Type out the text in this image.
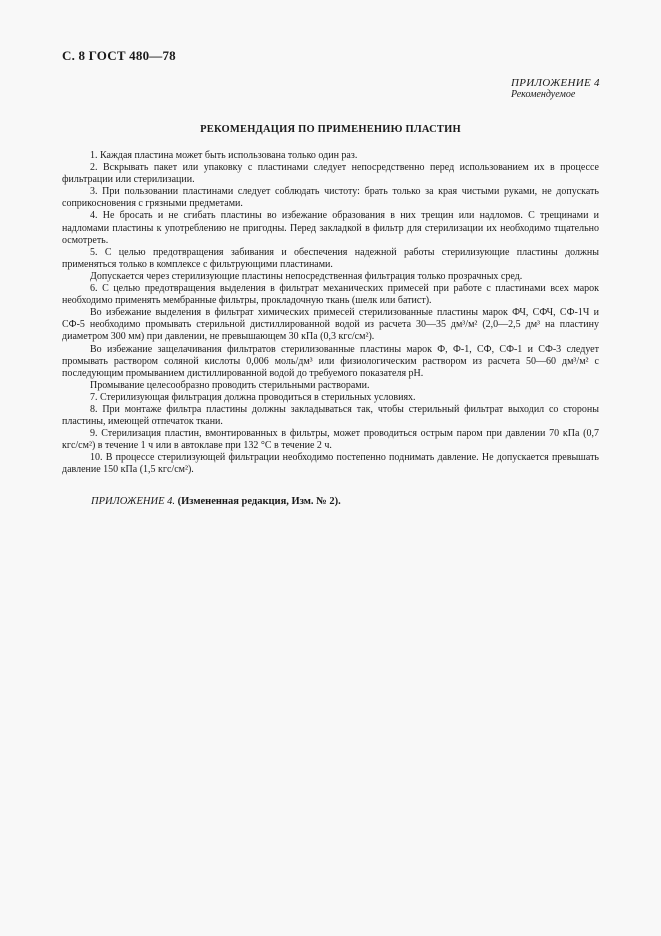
С. 8 ГОСТ 480—78
ПРИЛОЖЕНИЕ 4
Рекомендуемое
РЕКОМЕНДАЦИЯ ПО ПРИМЕНЕНИЮ ПЛАСТИН

1. Каждая пластина может быть использована только один раз.

2. Вскрывать пакет или упаковку с пластинами следует непосредственно перед использованием их в процессе фильтрации или стерилизации.

3. При пользовании пластинами следует соблюдать чистоту: брать только за края чистыми руками, не допускать соприкосновения с грязными предметами.

4. Не бросать и не сгибать пластины во избежание образования в них трещин или надломов. С трещинами и надломами пластины к употреблению не пригодны. Перед закладкой в фильтр для стерилизации их необходимо тщательно осмотреть.

5. С целью предотвращения забивания и обеспечения надежной работы стерилизующие пластины должны применяться только в комплексе с фильтрующими пластинами.

Допускается через стерилизующие пластины непосредственная фильтрация только прозрачных сред.

6. С целью предотвращения выделения в фильтрат механических примесей при работе с пластинами всех марок необходимо применять мембранные фильтры, прокладочную ткань (шелк или батист).

Во избежание выделения в фильтрат химических примесей стерилизованные пластины марок ФЧ, СФЧ, СФ-1Ч и СФ-5 необходимо промывать стерильной дистиллированной водой из расчета 30—35 дм³/м² (2,0—2,5 дм³ на пластину диаметром 300 мм) при давлении, не превышающем 30 кПа (0,3 кгс/см²).

Во избежание защелачивания фильтратов стерилизованные пластины марок Ф, Ф-1, СФ, СФ-1 и СФ-3 следует промывать раствором соляной кислоты 0,006 моль/дм³ или физиологическим раствором из расчета 50—60 дм³/м² с последующим промыванием дистиллированной водой до требуемого показателя pH.

Промывание целесообразно проводить стерильными растворами.

7. Стерилизующая фильтрация должна проводиться в стерильных условиях.

8. При монтаже фильтра пластины должны закладываться так, чтобы стерильный фильтрат выходил со стороны пластины, имеющей отпечаток ткани.

9. Стерилизация пластин, вмонтированных в фильтры, может проводиться острым паром при давлении 70 кПа (0,7 кгс/см²) в течение 1 ч или в автоклаве при 132 °С в течение 2 ч.

10. В процессе стерилизующей фильтрации необходимо постепенно поднимать давление. Не допускается превышать давление 150 кПа (1,5 кгс/см²).

ПРИЛОЖЕНИЕ 4. (Измененная редакция, Изм. № 2).
